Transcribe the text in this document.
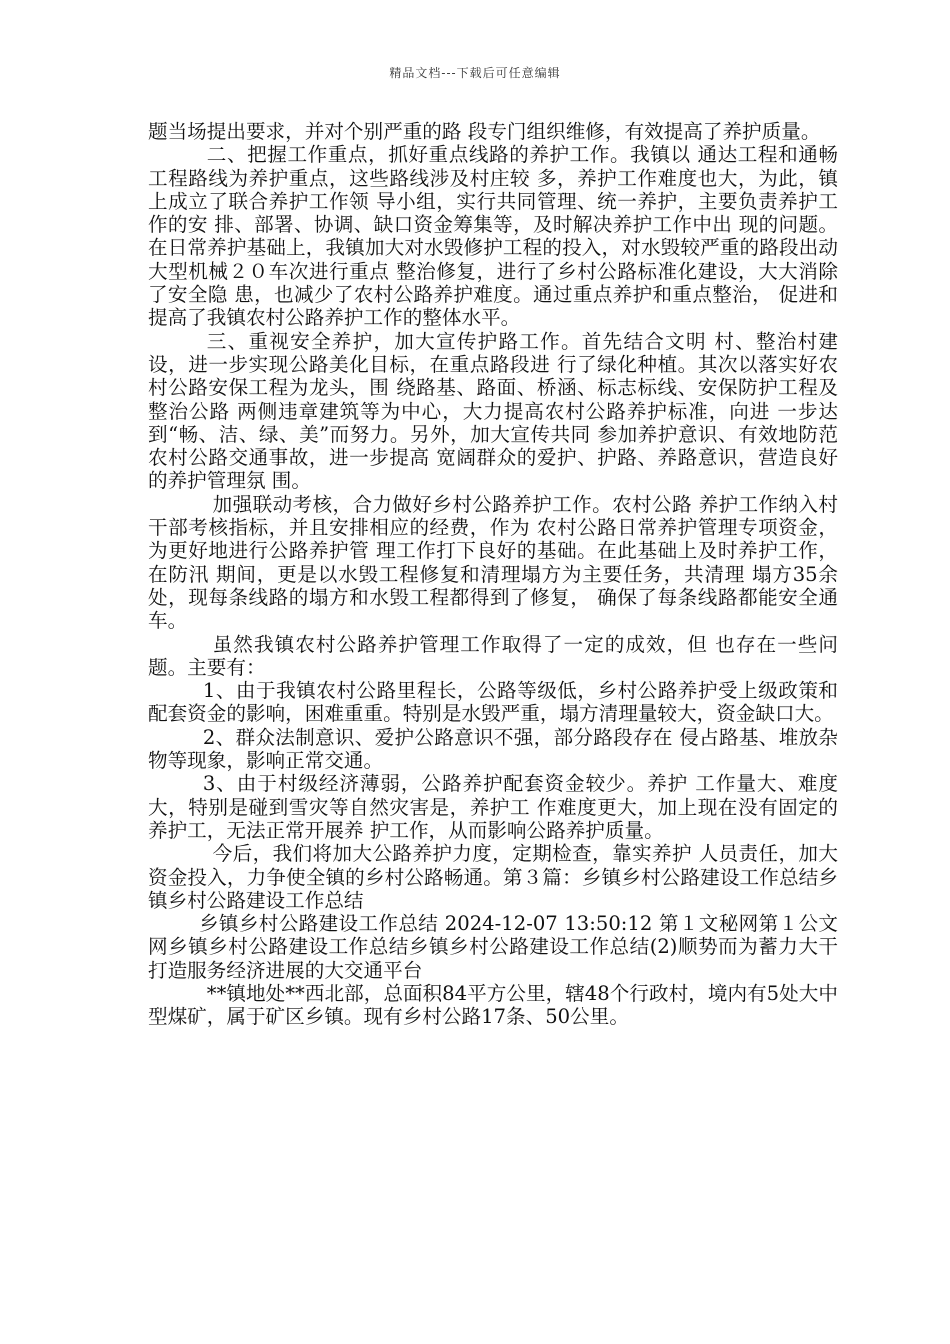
精品文档---下载后可任意编辑

题当场提出要求，并对个别严重的路 段专门组织维修，有效提高了养护质量。

二、把握工作重点，抓好重点线路的养护工作。我镇以 通达工程和通畅工程路线为养护重点，这些路线涉及村庄较 多，养护工作难度也大，为此，镇上成立了联合养护工作领 导小组，实行共同管理、统一养护，主要负责养护工作的安 排、部署、协调、缺口资金筹集等，及时解决养护工作中出 现的问题。在日常养护基础上，我镇加大对水毁修护工程的投入，对水毁较严重的路段出动大型机械２０车次进行重点 整治修复，进行了乡村公路标准化建设，大大消除了安全隐 患，也减少了农村公路养护难度。通过重点养护和重点整治， 促进和提高了我镇农村公路养护工作的整体水平。

三、重视安全养护，加大宣传护路工作。首先结合文明 村、整治村建设，进一步实现公路美化目标，在重点路段进 行了绿化种植。其次以落实好农村公路安保工程为龙头，围 绕路基、路面、桥涵、标志标线、安保防护工程及整治公路 两侧违章建筑等为中心，大力提高农村公路养护标准，向进 一步达到“畅、洁、绿、美”而努力。另外，加大宣传共同 参加养护意识、有效地防范农村公路交通事故，进一步提高 宽阔群众的爱护、护路、养路意识，营造良好的养护管理氛 围。

加强联动考核，合力做好乡村公路养护工作。农村公路 养护工作纳入村干部考核指标，并且安排相应的经费，作为 农村公路日常养护管理专项资金，为更好地进行公路养护管 理工作打下良好的基础。在此基础上及时养护工作，在防汛 期间，更是以水毁工程修复和清理塌方为主要任务，共清理 塌方35余处，现每条线路的塌方和水毁工程都得到了修复， 确保了每条线路都能安全通车。

虽然我镇农村公路养护管理工作取得了一定的成效，但 也存在一些问题。主要有：

1、由于我镇农村公路里程长，公路等级低，乡村公路养护受上级政策和配套资金的影响，困难重重。特别是水毁严重，塌方清理量较大，资金缺口大。

2、群众法制意识、爱护公路意识不强，部分路段存在 侵占路基、堆放杂物等现象，影响正常交通。

3、由于村级经济薄弱，公路养护配套资金较少。养护 工作量大、难度大，特别是碰到雪灾等自然灾害是，养护工 作难度更大，加上现在没有固定的养护工，无法正常开展养 护工作，从而影响公路养护质量。

今后，我们将加大公路养护力度，定期检查，靠实养护 人员责任，加大资金投入，力争使全镇的乡村公路畅通。第３篇：乡镇乡村公路建设工作总结乡镇乡村公路建设工作总结

乡镇乡村公路建设工作总结 2024-12-07 13:50:12 第１文秘网第１公文网乡镇乡村公路建设工作总结乡镇乡村公路建设工作总结(2)顺势而为蓄力大干打造服务经济进展的大交通平台

**镇地处**西北部，总面积84平方公里，辖48个行政村，境内有5处大中型煤矿，属于矿区乡镇。现有乡村公路17条、50公里。
